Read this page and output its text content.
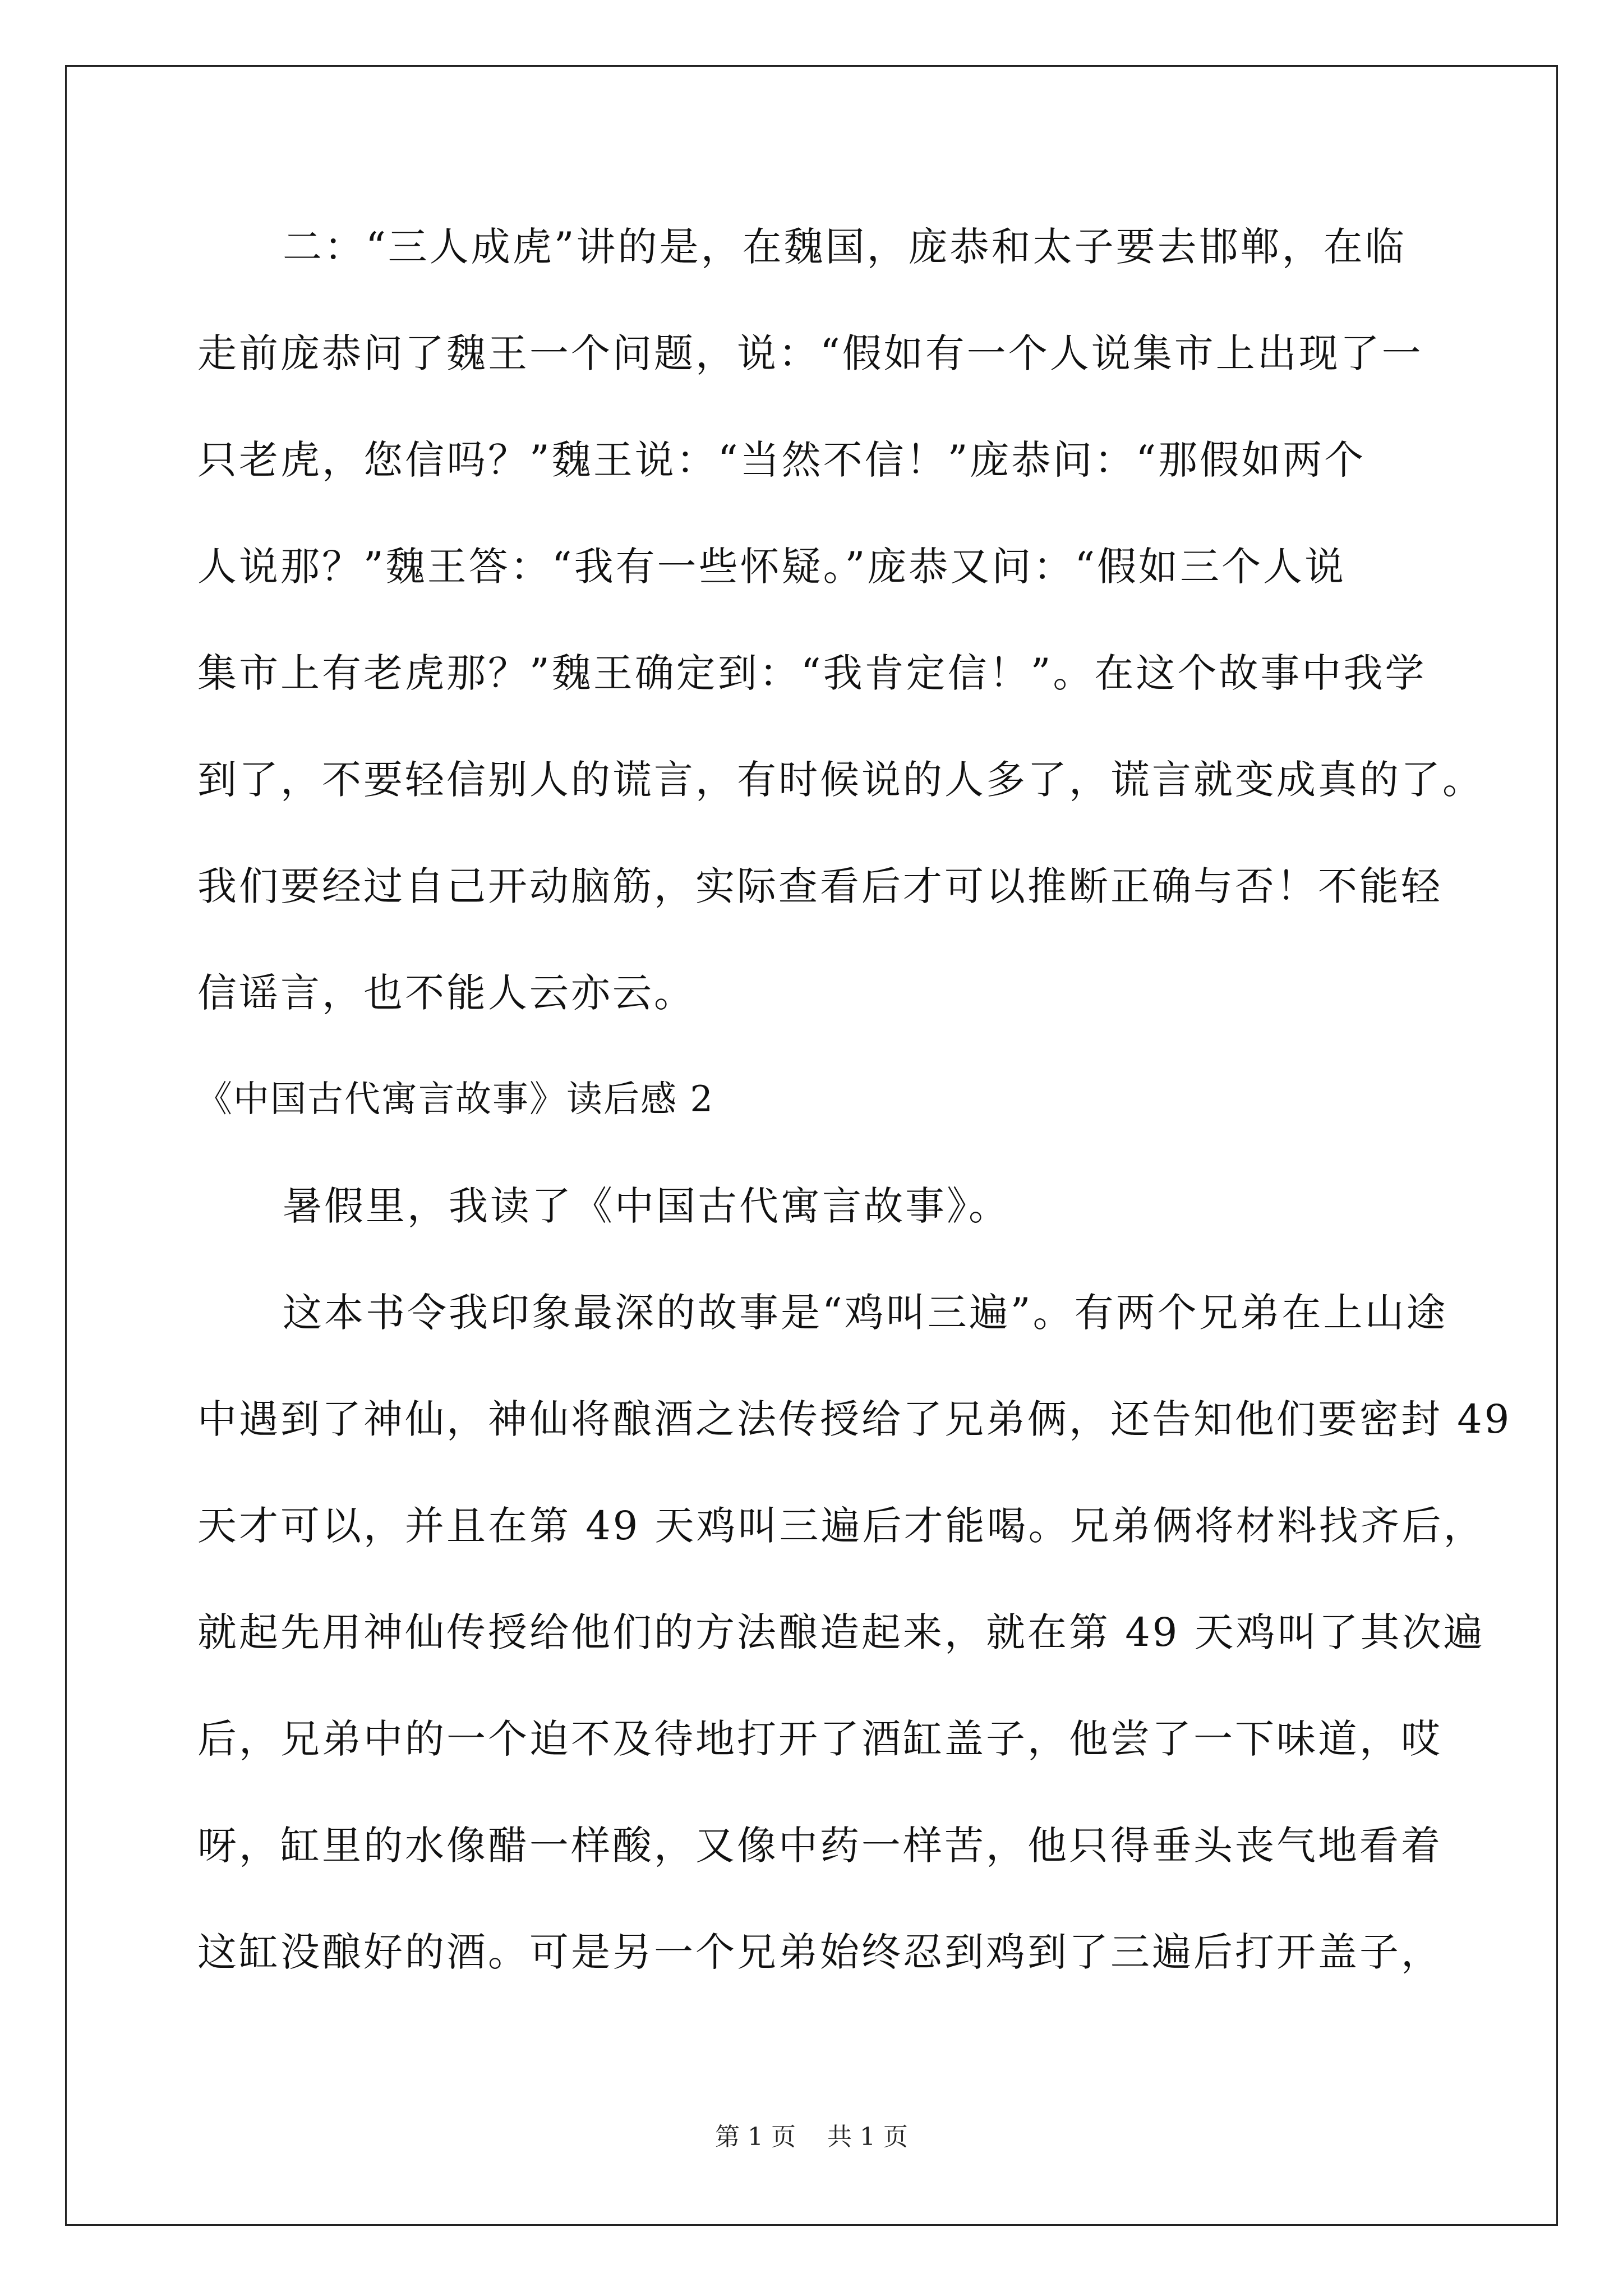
二：“三人成虎”讲的是，在魏国，庞恭和太子要去邯郸，在临
走前庞恭问了魏王一个问题，说：“假如有一个人说集市上出现了一
只老虎，您信吗？”魏王说：“当然不信！”庞恭问：“那假如两个
人说那？”魏王答：“我有一些怀疑。”庞恭又问：“假如三个人说
集市上有老虎那？”魏王确定到：“我肯定信！”。在这个故事中我学
到了，不要轻信别人的谎言，有时候说的人多了，谎言就变成真的了。
我们要经过自己开动脑筋，实际查看后才可以推断正确与否！不能轻
信谣言，也不能人云亦云。
《中国古代寓言故事》读后感 2
暑假里，我读了《中国古代寓言故事》。
这本书令我印象最深的故事是“鸡叫三遍”。有两个兄弟在上山途
中遇到了神仙，神仙将酿酒之法传授给了兄弟俩，还告知他们要密封 49
天才可以，并且在第 49 天鸡叫三遍后才能喝。兄弟俩将材料找齐后，
就起先用神仙传授给他们的方法酿造起来，就在第 49 天鸡叫了其次遍
后，兄弟中的一个迫不及待地打开了酒缸盖子，他尝了一下味道，哎
呀，缸里的水像醋一样酸，又像中药一样苦，他只得垂头丧气地看着
这缸没酿好的酒。可是另一个兄弟始终忍到鸡到了三遍后打开盖子，
第 1 页    共 1 页
